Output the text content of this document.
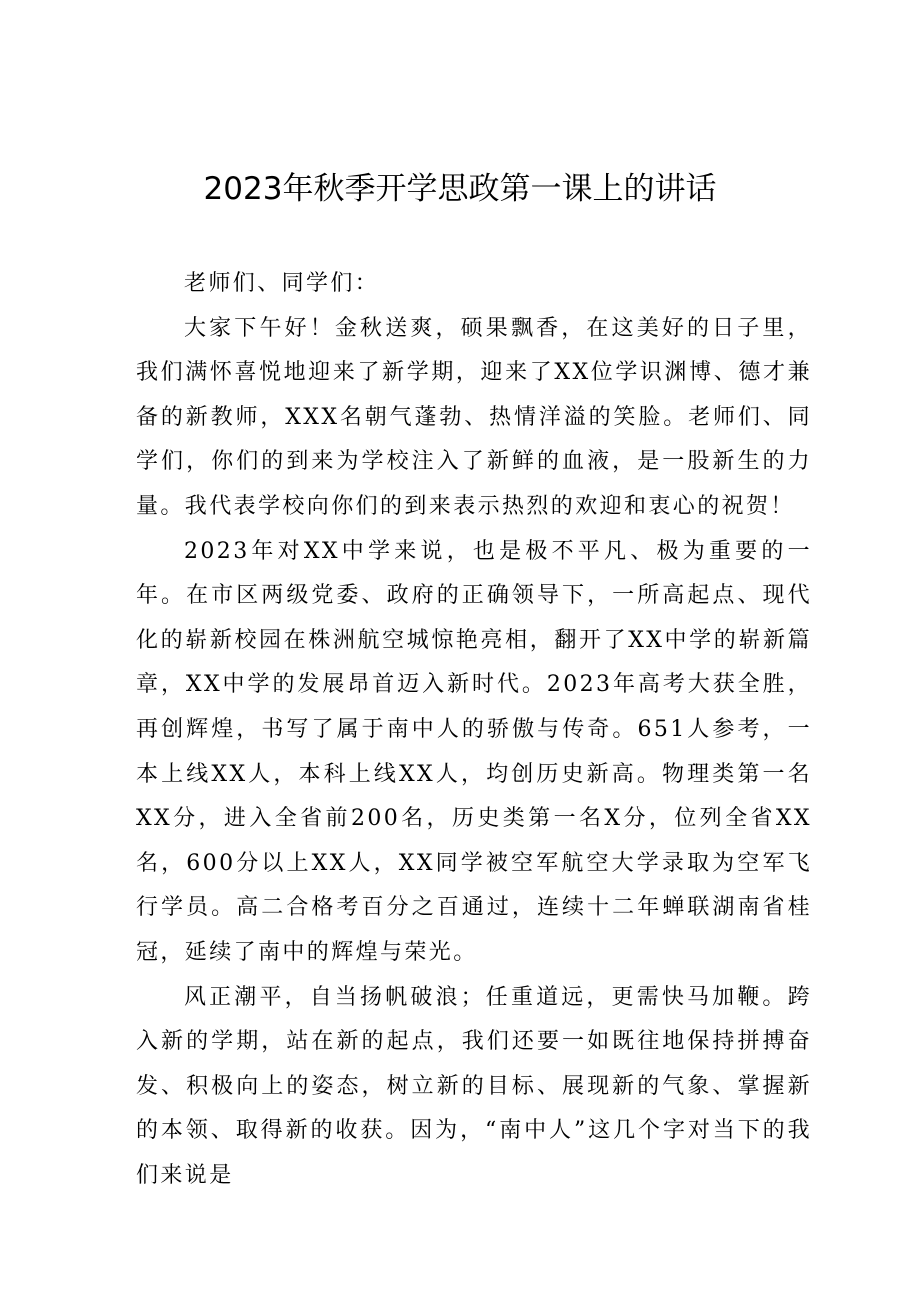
2023年秋季开学思政第一课上的讲话

老师们、同学们：

大家下午好！金秋送爽，硕果飘香，在这美好的日子里，我们满怀喜悦地迎来了新学期，迎来了XX位学识渊博、德才兼备的新教师，XXX名朝气蓬勃、热情洋溢的笑脸。老师们、同学们，你们的到来为学校注入了新鲜的血液，是一股新生的力量。我代表学校向你们的到来表示热烈的欢迎和衷心的祝贺！

2023年对XX中学来说，也是极不平凡、极为重要的一年。在市区两级党委、政府的正确领导下，一所高起点、现代化的崭新校园在株洲航空城惊艳亮相，翻开了XX中学的崭新篇章，XX中学的发展昂首迈入新时代。2023年高考大获全胜，再创辉煌，书写了属于南中人的骄傲与传奇。651人参考，一本上线XX人，本科上线XX人，均创历史新高。物理类第一名XX分，进入全省前200名，历史类第一名X分，位列全省XX名，600分以上XX人，XX同学被空军航空大学录取为空军飞行学员。高二合格考百分之百通过，连续十二年蝉联湖南省桂冠，延续了南中的辉煌与荣光。

风正潮平，自当扬帆破浪；任重道远，更需快马加鞭。跨入新的学期，站在新的起点，我们还要一如既往地保持拼搏奋发、积极向上的姿态，树立新的目标、展现新的气象、掌握新的本领、取得新的收获。因为，“南中人”这几个字对当下的我们来说是
